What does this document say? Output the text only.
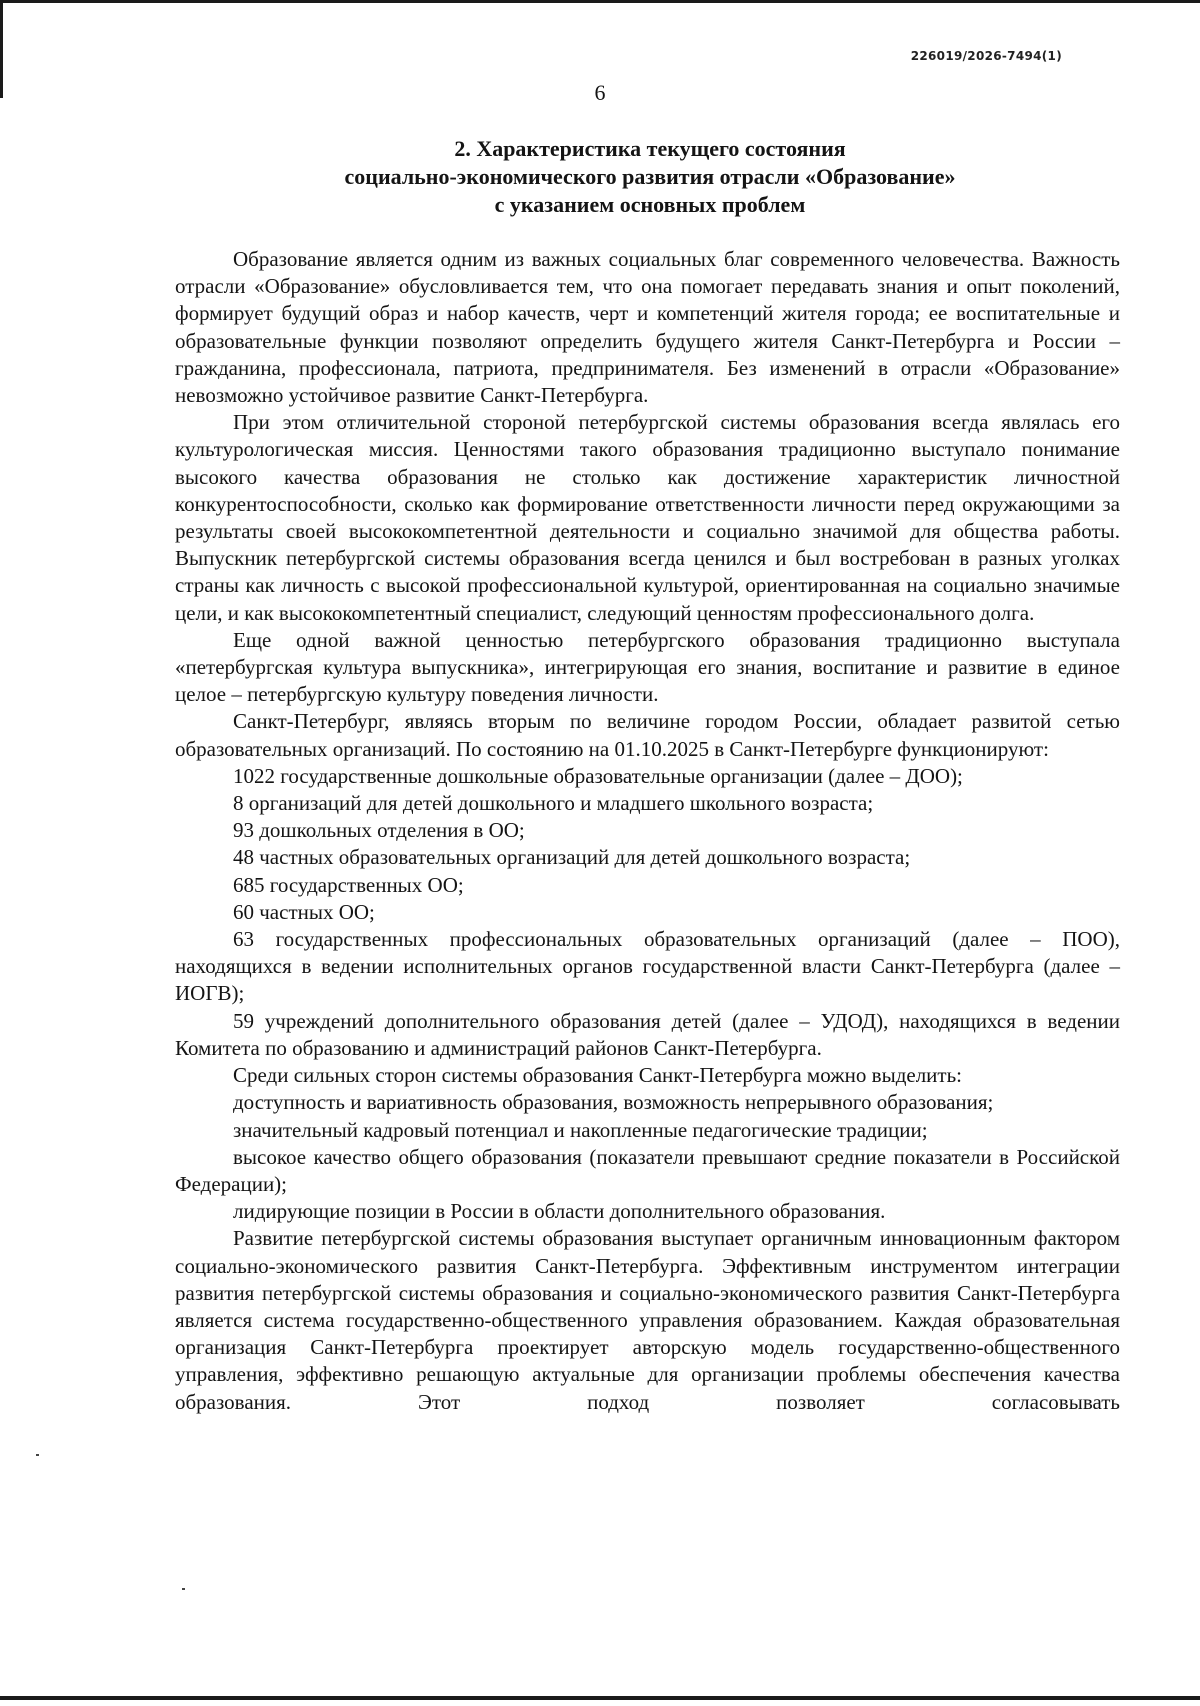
226019/2026-7494(1)
6
2. Характеристика текущего состояния
социально-экономического развития отрасли «Образование»
с указанием основных проблем

Образование является одним из важных социальных благ современного человечества. Важность отрасли «Образование» обусловливается тем, что она помогает передавать знания и опыт поколений, формирует будущий образ и набор качеств, черт и компетенций жителя города; ее воспитательные и образовательные функции позволяют определить будущего жителя Санкт-Петербурга и России – гражданина, профессионала, патриота, предпринимателя. Без изменений в отрасли «Образование» невозможно устойчивое развитие Санкт-Петербурга.

При этом отличительной стороной петербургской системы образования всегда являлась его культурологическая миссия. Ценностями такого образования традиционно выступало понимание высокого качества образования не столько как достижение характеристик личностной конкурентоспособности, сколько как формирование ответственности личности перед окружающими за результаты своей высококомпетентной деятельности и социально значимой для общества работы. Выпускник петербургской системы образования всегда ценился и был востребован в разных уголках страны как личность с высокой профессиональной культурой, ориентированная на социально значимые цели, и как высококомпетентный специалист, следующий ценностям профессионального долга.

Еще одной важной ценностью петербургского образования традиционно выступала «петербургская культура выпускника», интегрирующая его знания, воспитание и развитие в единое целое – петербургскую культуру поведения личности.

Санкт-Петербург, являясь вторым по величине городом России, обладает развитой сетью образовательных организаций. По состоянию на 01.10.2025 в Санкт-Петербурге функционируют:

1022 государственные дошкольные образовательные организации (далее – ДОО);

8 организаций для детей дошкольного и младшего школьного возраста;

93 дошкольных отделения в ОО;

48 частных образовательных организаций для детей дошкольного возраста;

685 государственных ОО;

60 частных ОО;

63 государственных профессиональных образовательных организаций (далее – ПОО), находящихся в ведении исполнительных органов государственной власти Санкт-Петербурга (далее – ИОГВ);

59 учреждений дополнительного образования детей (далее – УДОД), находящихся в ведении Комитета по образованию и администраций районов Санкт-Петербурга.

Среди сильных сторон системы образования Санкт-Петербурга можно выделить:

доступность и вариативность образования, возможность непрерывного образования;

значительный кадровый потенциал и накопленные педагогические традиции;

высокое качество общего образования (показатели превышают средние показатели в Российской Федерации);

лидирующие позиции в России в области дополнительного образования.

Развитие петербургской системы образования выступает органичным инновационным фактором социально-экономического развития Санкт-Петербурга. Эффективным инструментом интеграции развития петербургской системы образования и социально-экономического развития Санкт-Петербурга является система государственно-общественного управления образованием. Каждая образовательная организация Санкт-Петербурга проектирует авторскую модель государственно-общественного управления, эффективно решающую актуальные для организации проблемы обеспечения качества образования. Этот подход позволяет согласовывать
